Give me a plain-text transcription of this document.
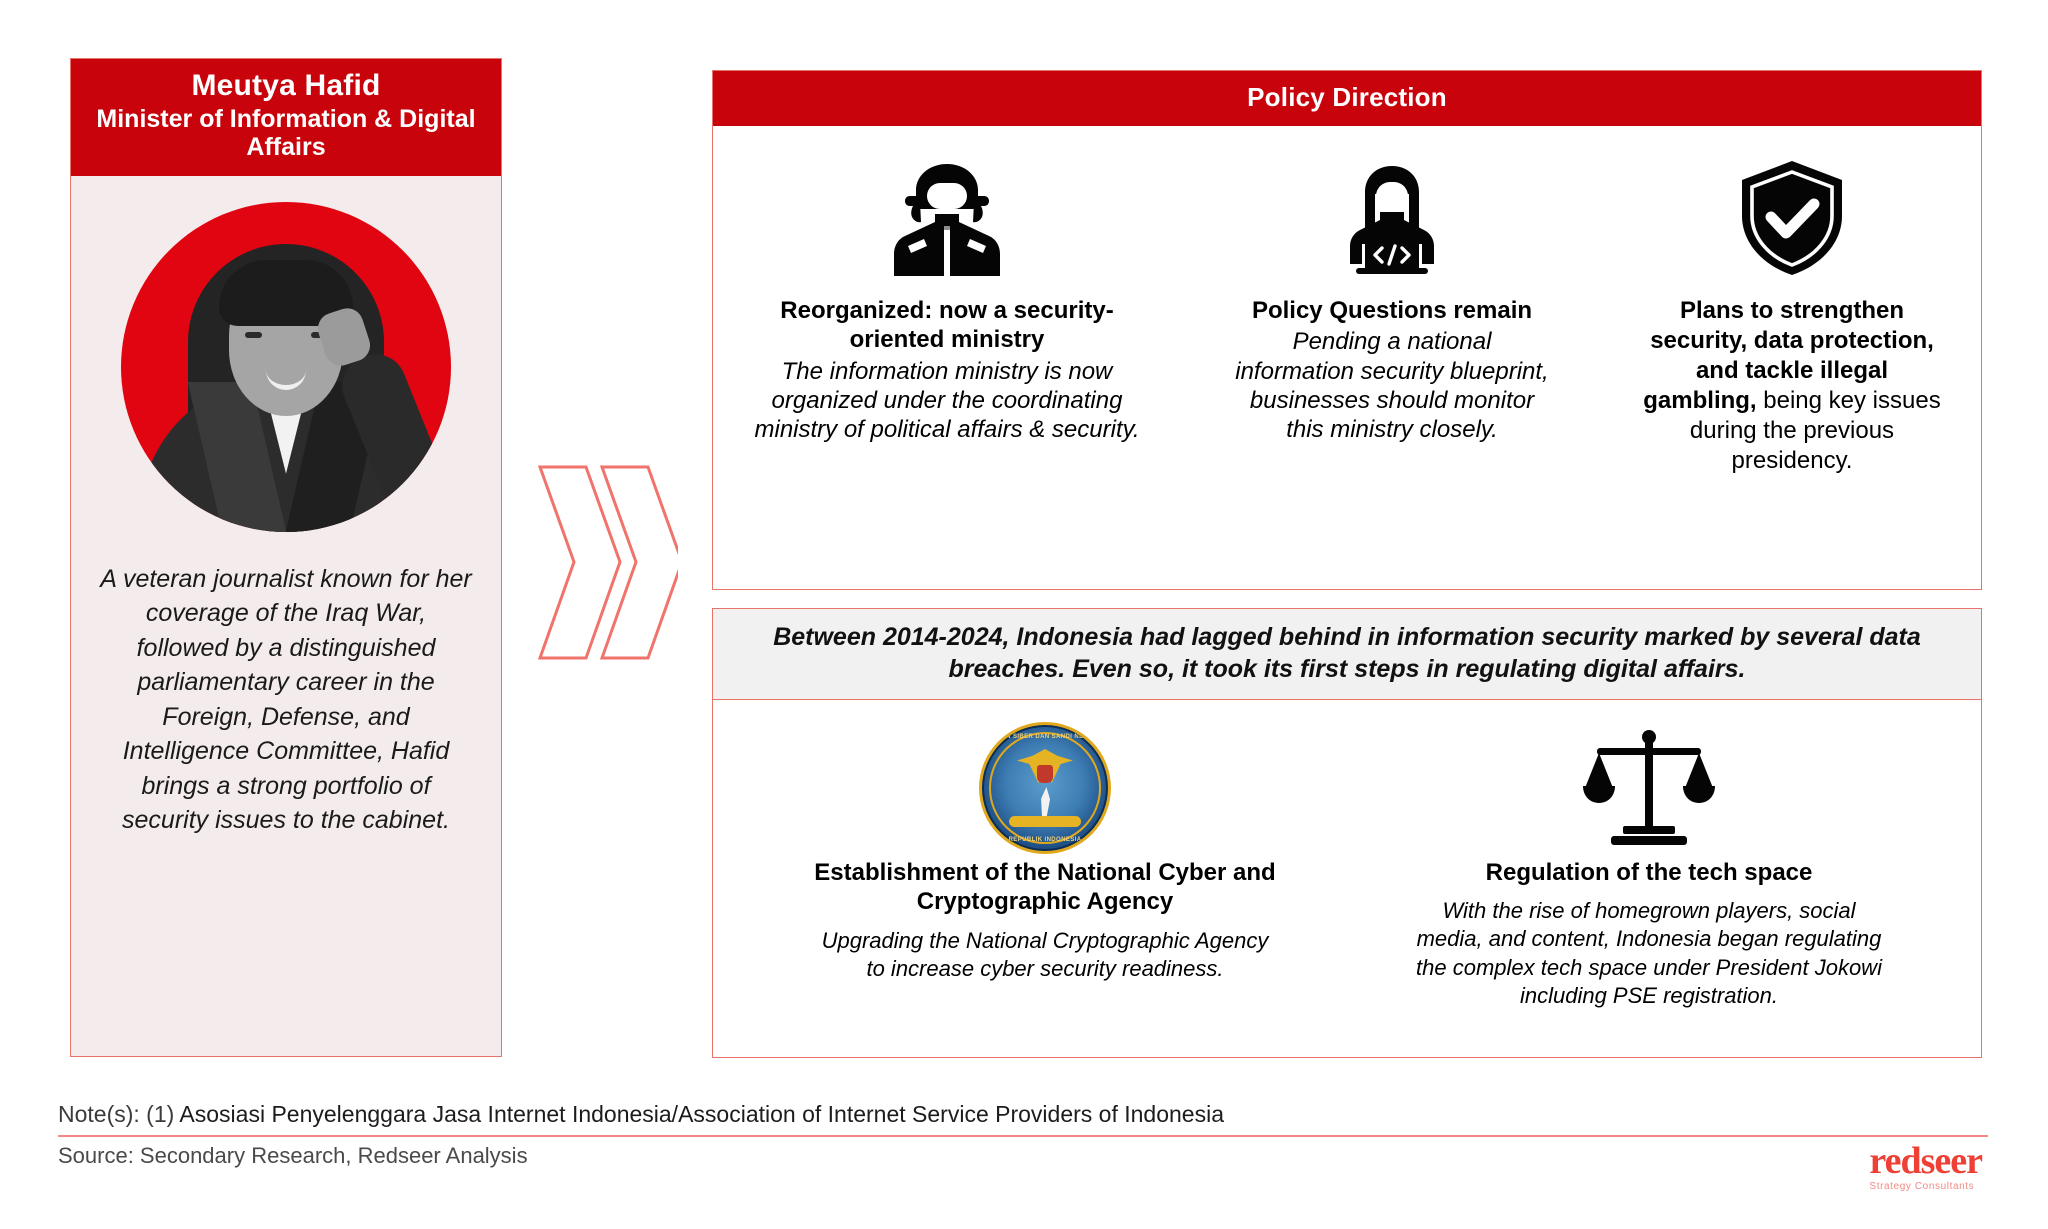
Meutya Hafid
Minister of Information & Digital Affairs
A veteran journalist known for her coverage of the Iraq War, followed by a distinguished parliamentary career in the Foreign, Defense, and Intelligence Committee, Hafid brings a strong portfolio of security issues to the cabinet.
Policy Direction
Reorganized: now a security-oriented ministry
The information ministry is now organized under the coordinating ministry of political affairs & security.
Policy Questions remain
Pending a national information security blueprint, businesses should monitor this ministry closely.
Plans to strengthen security, data protection, and tackle illegal gambling, being key issues during the previous presidency.
Between 2014-2024, Indonesia had lagged behind in information security marked by several data breaches. Even so, it took its first steps in regulating digital affairs.
BADAN SIBER DAN SANDI NEGARA
REPUBLIK INDONESIA
Establishment of the National Cyber and Cryptographic Agency
Upgrading the National Cryptographic Agency to increase cyber security readiness.
Regulation of the tech space
With the rise of homegrown players, social media, and content, Indonesia began regulating the complex tech space under President Jokowi including PSE registration.
Note(s): (1) Asosiasi Penyelenggara Jasa Internet Indonesia/Association of Internet Service Providers of Indonesia
Source: Secondary Research, Redseer Analysis	redseer
Strategy Consultants
